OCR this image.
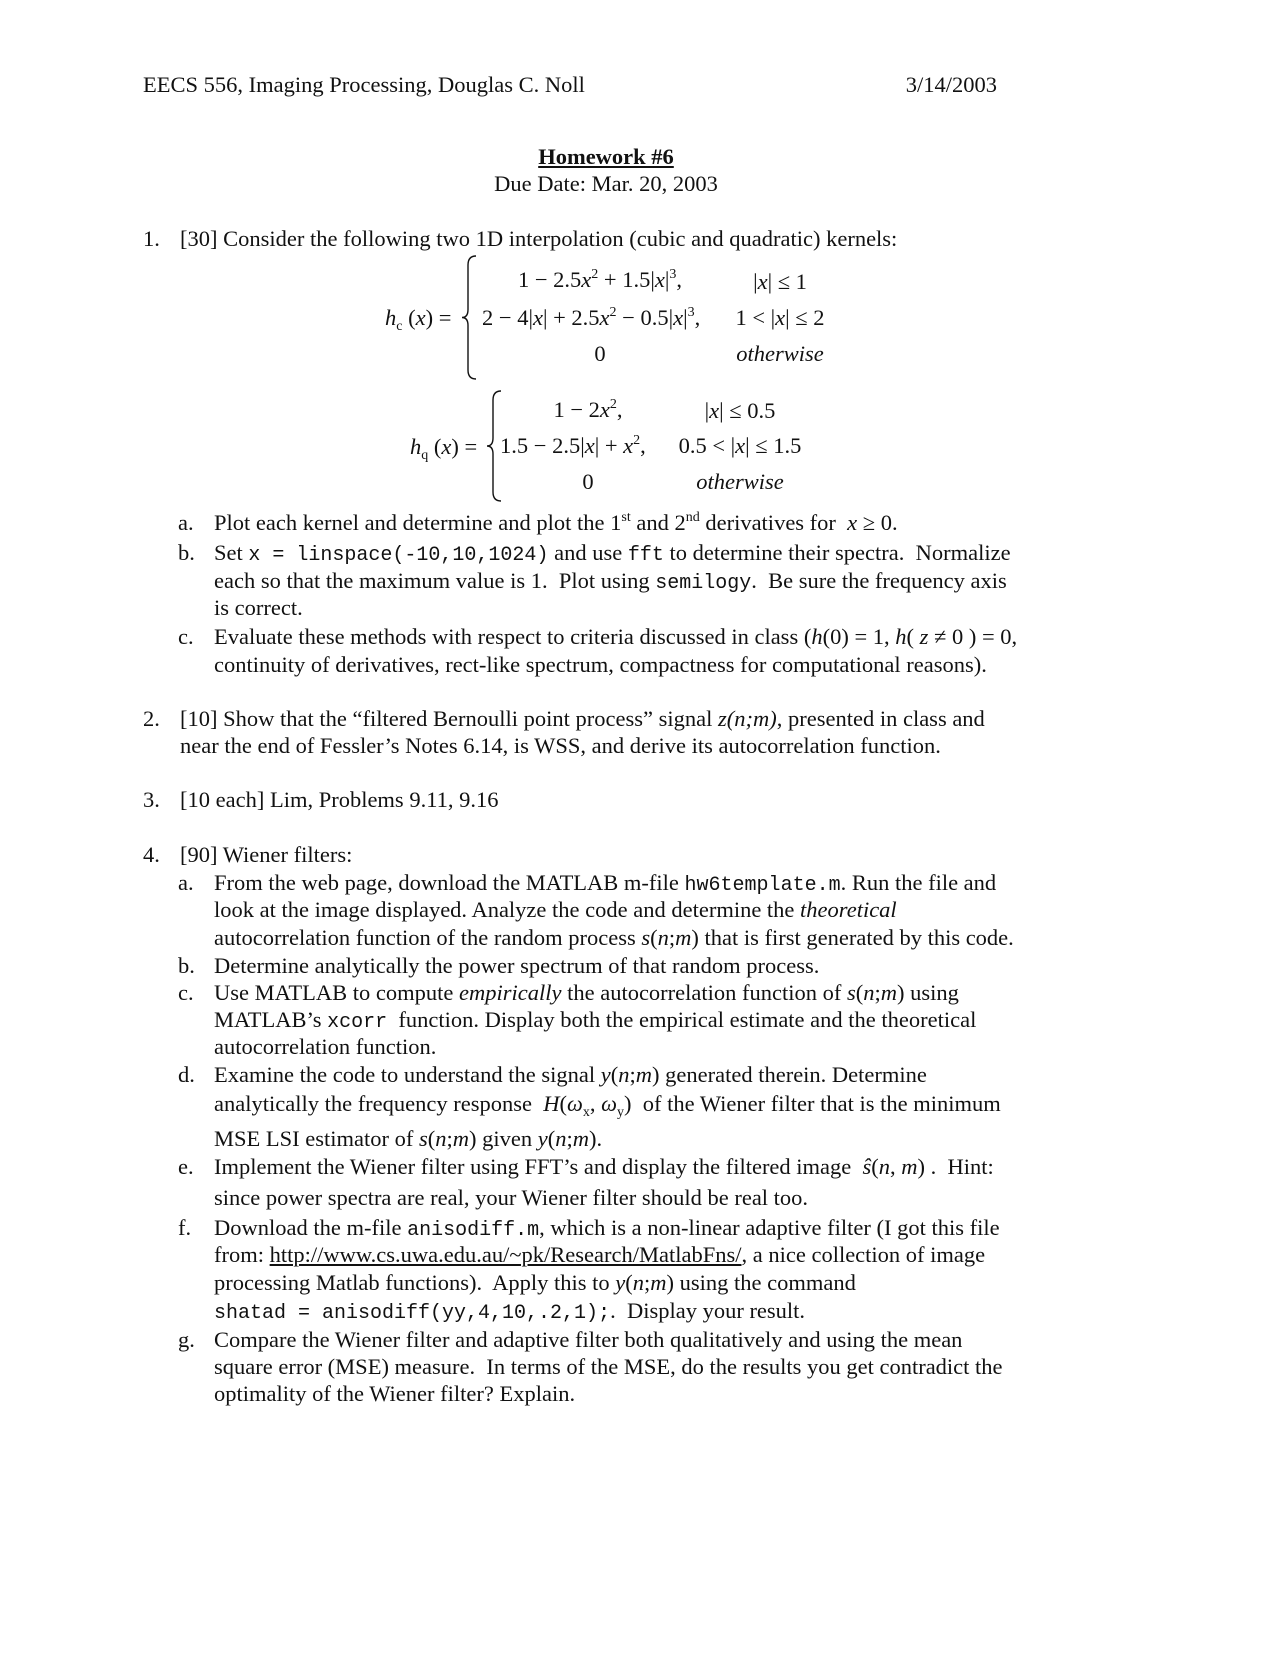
EECS 556, Imaging Processing, Douglas C. Noll	3/14/2003
Homework #6
Due Date: Mar. 20, 2003
1. [30] Consider the following two 1D interpolation (cubic and quadratic) kernels:
$h_c$ (x) =
$1 - 2.5x^2 + 1.5|x|^3$,
$2 - 4|x| + 2.5x^2 - 0.5|x|^3$,
0
|x| ≤ 1
1 < |x| ≤ 2
otherwise
$h_q$ (x) =
$1 - 2x^2$,
$1.5 - 2.5|x| + x^2$,
0
|x| ≤ 0.5
0.5 < |x| ≤ 1.5
otherwise
a. Plot each kernel and determine and plot the 1st and 2nd derivatives for  x ≥ 0.
b. Set x = linspace(-10,10,1024) and use fft to determine their spectra.  Normalize
each so that the maximum value is 1.  Plot using semilogy.  Be sure the frequency axis
is correct.
c. Evaluate these methods with respect to criteria discussed in class (h(0) = 1, h( z ≠ 0 ) = 0,
continuity of derivatives, rect-like spectrum, compactness for computational reasons).
2. [10] Show that the “filtered Bernoulli point process” signal z(n;m), presented in class and
near the end of Fessler’s Notes 6.14, is WSS, and derive its autocorrelation function.
3. [10 each] Lim, Problems 9.11, 9.16
4. [90] Wiener filters:
a. From the web page, download the MATLAB m-file hw6template.m. Run the file and
look at the image displayed. Analyze the code and determine the theoretical
autocorrelation function of the random process s(n;m) that is first generated by this code.
b. Determine analytically the power spectrum of that random process.
c. Use MATLAB to compute empirically the autocorrelation function of s(n;m) using
MATLAB’s xcorr  function. Display both the empirical estimate and the theoretical
autocorrelation function.
d. Examine the code to understand the signal y(n;m) generated therein. Determine
analytically the frequency response  $H(\omega_x$, $\omega_y$)  of the Wiener filter that is the minimum
MSE LSI estimator of s(n;m) given y(n;m).
e. Implement the Wiener filter using FFT’s and display the filtered image  ŝ(n, m) .  Hint:
since power spectra are real, your Wiener filter should be real too.
f. Download the m-file anisodiff.m, which is a non-linear adaptive filter (I got this file
from: http://www.cs.uwa.edu.au/~pk/Research/MatlabFns/, a nice collection of image
processing Matlab functions).  Apply this to y(n;m) using the command
shatad = anisodiff(yy,4,10,.2,1);.  Display your result.
g. Compare the Wiener filter and adaptive filter both qualitatively and using the mean
square error (MSE) measure.  In terms of the MSE, do the results you get contradict the
optimality of the Wiener filter? Explain.
